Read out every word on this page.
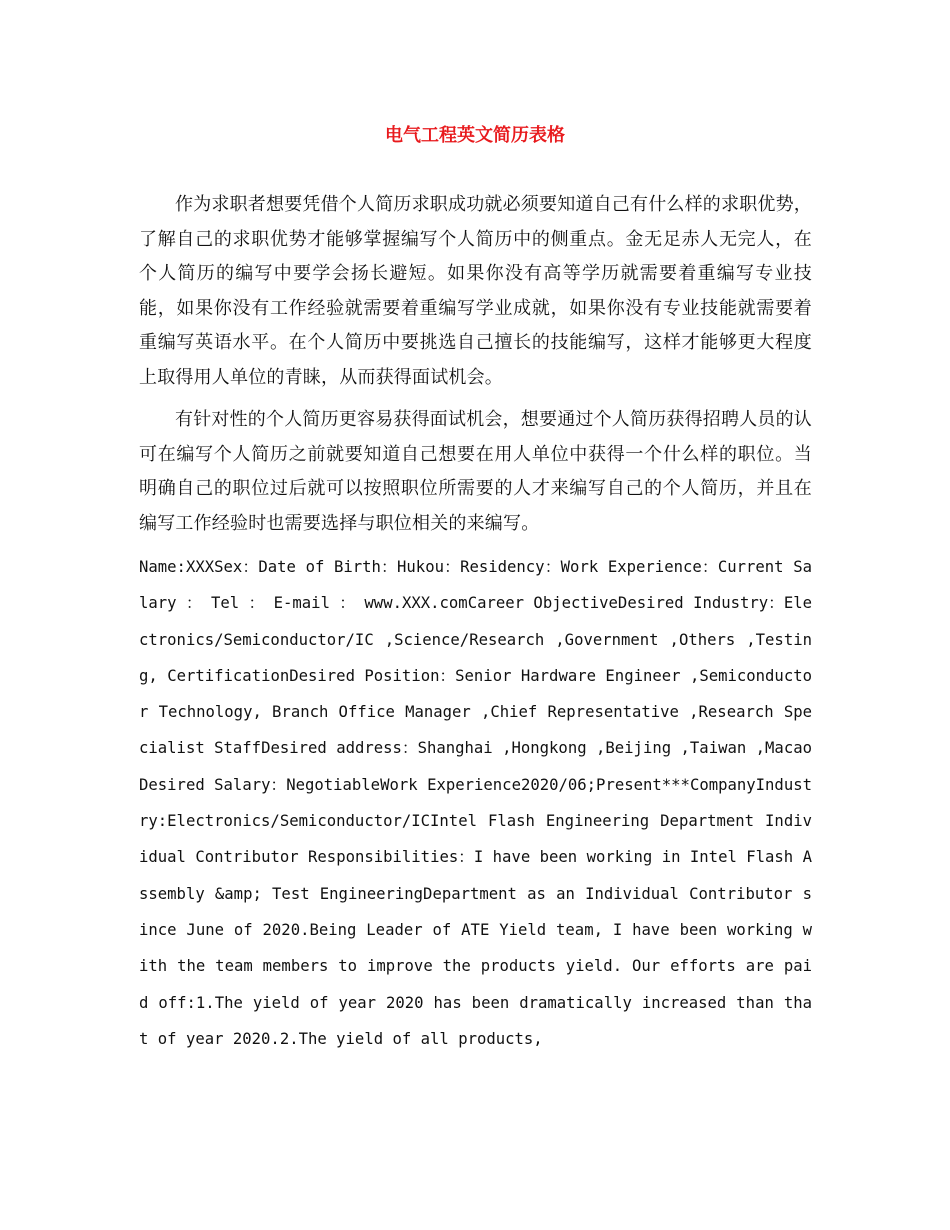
电气工程英文简历表格

作为求职者想要凭借个人简历求职成功就必须要知道自己有什么样的求职优势，了解自己的求职优势才能够掌握编写个人简历中的侧重点。金无足赤人无完人，在个人简历的编写中要学会扬长避短。如果你没有高等学历就需要着重编写专业技能，如果你没有工作经验就需要着重编写学业成就，如果你没有专业技能就需要着重编写英语水平。在个人简历中要挑选自己擅长的技能编写，这样才能够更大程度上取得用人单位的青睐，从而获得面试机会。

有针对性的个人简历更容易获得面试机会，想要通过个人简历获得招聘人员的认可在编写个人简历之前就要知道自己想要在用人单位中获得一个什么样的职位。当明确自己的职位过后就可以按照职位所需要的人才来编写自己的个人简历，并且在编写工作经验时也需要选择与职位相关的来编写。

Name:XXXSex：Date of Birth：Hukou：Residency：Work Experience：Current Salary ： Tel ： E-mail ： www.XXX.comCareer ObjectiveDesired Industry：Electronics/Semiconductor/IC ,Science/Research ,Government ,Others ,Testing, CertificationDesired Position：Senior Hardware Engineer ,Semiconductor Technology, Branch Office Manager ,Chief Representative ,Research Specialist StaffDesired address：Shanghai ,Hongkong ,Beijing ,Taiwan ,MacaoDesired Salary：NegotiableWork Experience2020/06;Present***CompanyIndustry:Electronics/Semiconductor/ICIntel Flash Engineering Department Individual Contributor Responsibilities：I have been working in Intel Flash Assembly &amp; Test EngineeringDepartment as an Individual Contributor since June of 2020.Being Leader of ATE Yield team, I have been working with the team members to improve the products yield. Our efforts are paid off:1.The yield of year 2020 has been dramatically increased than that of year 2020.2.The yield of all products,
